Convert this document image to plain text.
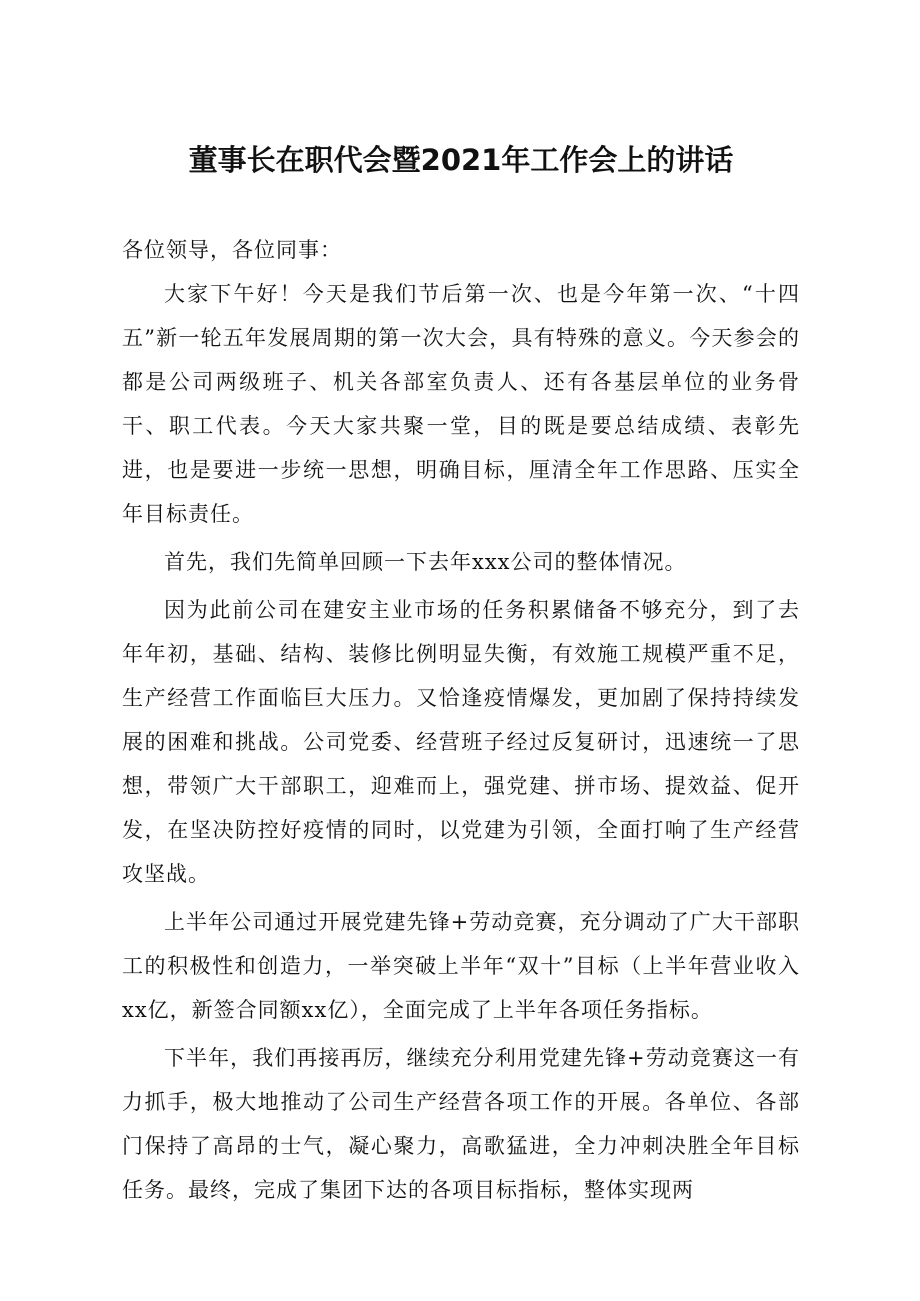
董事长在职代会暨2021年工作会上的讲话

各位领导，各位同事：

大家下午好！今天是我们节后第一次、也是今年第一次、“十四五”新一轮五年发展周期的第一次大会，具有特殊的意义。今天参会的都是公司两级班子、机关各部室负责人、还有各基层单位的业务骨干、职工代表。今天大家共聚一堂，目的既是要总结成绩、表彰先进，也是要进一步统一思想，明确目标，厘清全年工作思路、压实全年目标责任。

首先，我们先简单回顾一下去年xxx公司的整体情况。

因为此前公司在建安主业市场的任务积累储备不够充分，到了去年年初，基础、结构、装修比例明显失衡，有效施工规模严重不足，生产经营工作面临巨大压力。又恰逢疫情爆发，更加剧了保持持续发展的困难和挑战。公司党委、经营班子经过反复研讨，迅速统一了思想，带领广大干部职工，迎难而上，强党建、拼市场、提效益、促开发，在坚决防控好疫情的同时，以党建为引领，全面打响了生产经营攻坚战。

上半年公司通过开展党建先锋+劳动竞赛，充分调动了广大干部职工的积极性和创造力，一举突破上半年“双十”目标（上半年营业收入xx亿，新签合同额xx亿），全面完成了上半年各项任务指标。

下半年，我们再接再厉，继续充分利用党建先锋+劳动竞赛这一有力抓手，极大地推动了公司生产经营各项工作的开展。各单位、各部门保持了高昂的士气，凝心聚力，高歌猛进，全力冲刺决胜全年目标任务。最终，完成了集团下达的各项目标指标，整体实现两
